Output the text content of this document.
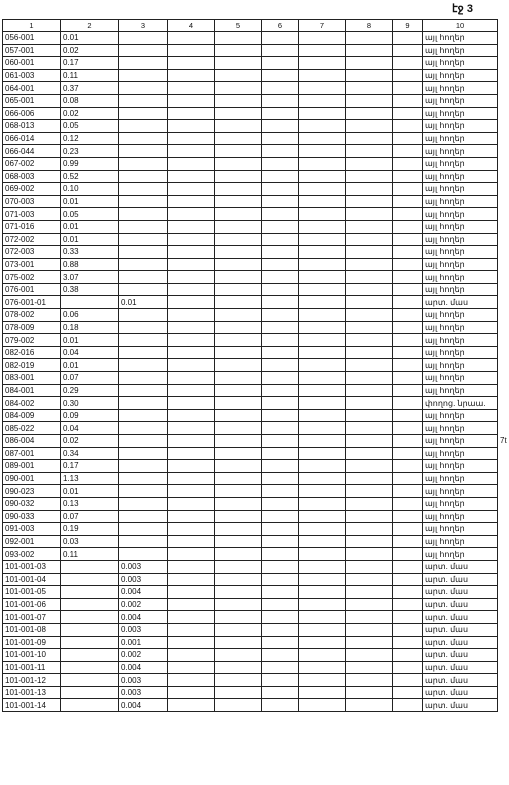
էջ 3
7t
1	2	3	4	5	6	7	8	9	10
056-001	0.01								այլ հողեր
057-001	0.02								այլ հողեր
060-001	0.17								այլ հողեր
061-003	0.11								այլ հողեր
064-001	0.37								այլ հողեր
065-001	0.08								այլ հողեր
066-006	0.02								այլ հողեր
068-013	0.05								այլ հողեր
066-014	0.12								այլ հողեր
066-044	0.23								այլ հողեր
067-002	0.99								այլ հողեր
068-003	0.52								այլ հողեր
069-002	0.10								այլ հողեր
070-003	0.01								այլ հողեր
071-003	0.05								այլ հողեր
071-016	0.01								այլ հողեր
072-002	0.01								այլ հողեր
072-003	0.33								այլ հողեր
073-001	0.88								այլ հողեր
075-002	3.07								այլ հողեր
076-001	0.38								այլ հողեր
076-001-01		0.01							արտ. մաս
078-002	0.06								այլ հողեր
078-009	0.18								այլ հողեր
079-002	0.01								այլ հողեր
082-016	0.04								այլ հողեր
082-019	0.01								այլ հողեր
083-001	0.07								այլ հողեր
084-001	0.29								այլ հողեր
084-002	0.30								փողոց. նրաա.
084-009	0.09								այլ հողեր
085-022	0.04								այլ հողեր
086-004	0.02								այլ հողեր
087-001	0.34								այլ հողեր
089-001	0.17								այլ հողեր
090-001	1.13								այլ հողեր
090-023	0.01								այլ հողեր
090-032	0.13								այլ հողեր
090-033	0.07								այլ հողեր
091-003	0.19								այլ հողեր
092-001	0.03								այլ հողեր
093-002	0.11								այլ հողեր
101-001-03		0.003							արտ. մաս
101-001-04		0.003							արտ. մաս
101-001-05		0.004							արտ. մաս
101-001-06		0.002							արտ. մաս
101-001-07		0.004							արտ. մաս
101-001-08		0.003							արտ. մաս
101-001-09		0.001							արտ. մաս
101-001-10		0.002							արտ. մաս
101-001-11		0.004							արտ. մաս
101-001-12		0.003							արտ. մաս
101-001-13		0.003							արտ. մաս
101-001-14		0.004							արտ. մաս
